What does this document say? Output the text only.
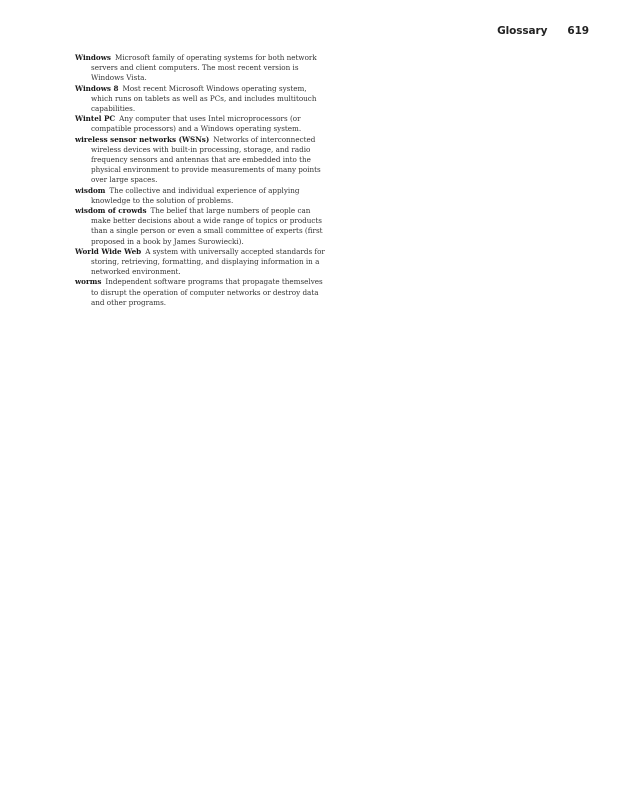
Glossary 619

Windows Microsoft family of operating systems for both network servers and client computers. The most recent version is Windows Vista.

Windows 8 Most recent Microsoft Windows operating system, which runs on tablets as well as PCs, and includes multitouch capabilities.

Wintel PC Any computer that uses Intel microprocessors (or compatible processors) and a Windows operating system.

wireless sensor networks (WSNs) Networks of interconnected wireless devices with built-in processing, storage, and radio frequency sensors and antennas that are embedded into the physical environment to provide measurements of many points over large spaces.

wisdom The collective and individual experience of applying knowledge to the solution of problems.

wisdom of crowds The belief that large numbers of people can make better decisions about a wide range of topics or products than a single person or even a small committee of experts (first proposed in a book by James Surowiecki).

World Wide Web A system with universally accepted standards for storing, retrieving, formatting, and displaying information in a networked environment.

worms Independent software programs that propagate themselves to disrupt the operation of computer networks or destroy data and other programs.
